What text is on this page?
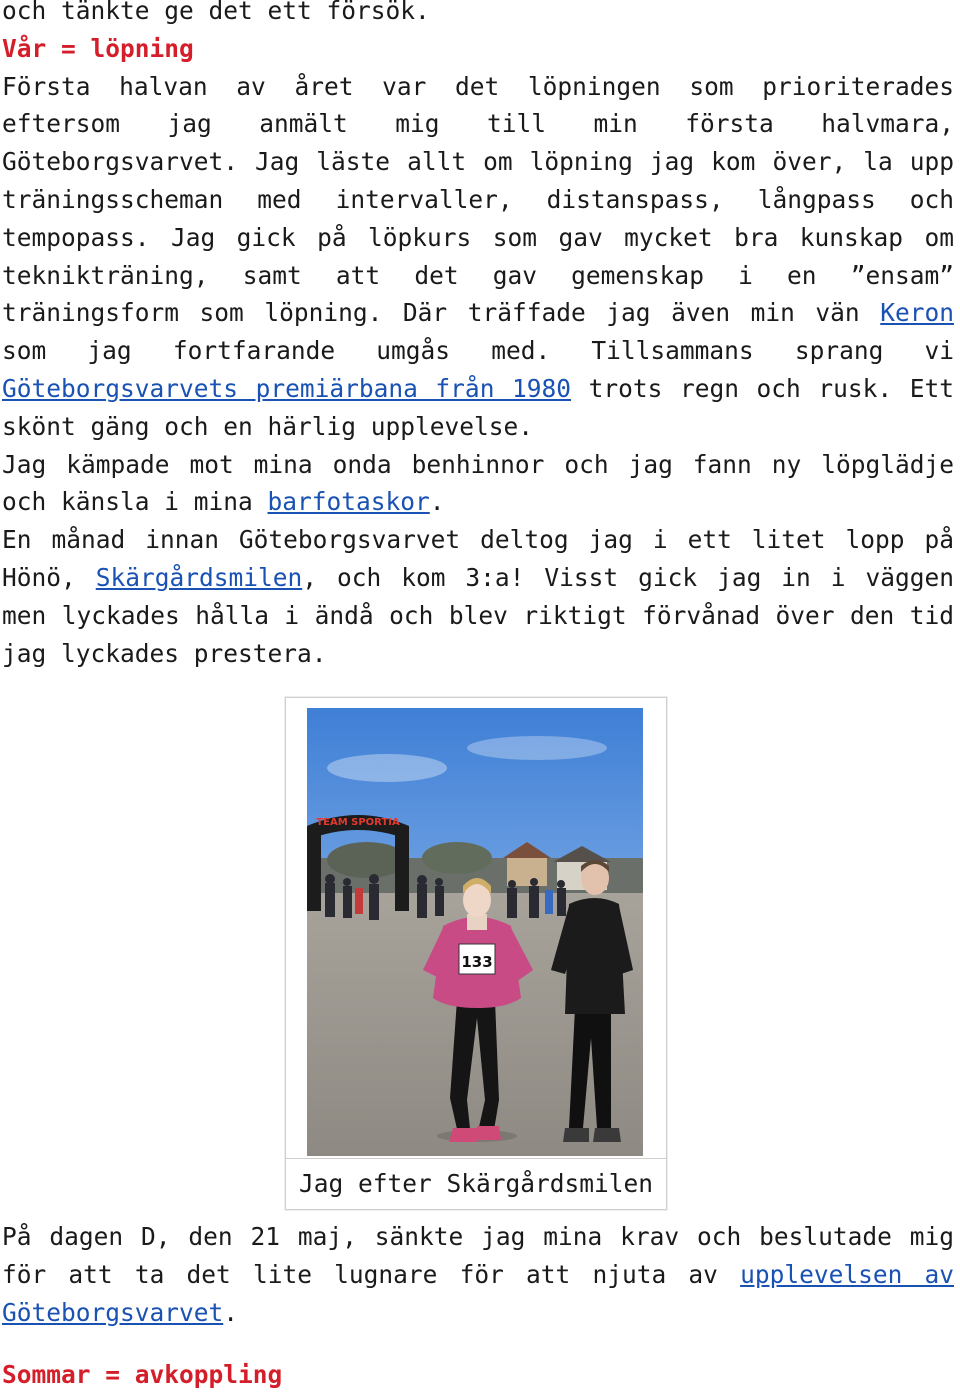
och tänkte ge det ett försök.

Vår = löpning

Första halvan av året var det löpningen som prioriterades eftersom jag anmält mig till min första halvmara, Göteborgsvarvet. Jag läste allt om löpning jag kom över, la upp träningsscheman med intervaller, distanspass, långpass och tempopass. Jag gick på löpkurs som gav mycket bra kunskap om teknikträning, samt att det gav gemenskap i en ”ensam” träningsform som löpning. Där träffade jag även min vän Keron som jag fortfarande umgås med. Tillsammans sprang vi Göteborgsvarvets premiärbana från 1980 trots regn och rusk. Ett skönt gäng och en härlig upplevelse.

Jag kämpade mot mina onda benhinnor och jag fann ny löpglädje och känsla i mina barfotaskor.

En månad innan Göteborgsvarvet deltog jag i ett litet lopp på Hönö, Skärgårdsmilen, och kom 3:a! Visst gick jag in i väggen men lyckades hålla i ändå och blev riktigt förvånad över den tid jag lyckades prestera.

TEAM SPORTIA
133
Jag efter Skärgårdsmilen

På dagen D, den 21 maj, sänkte jag mina krav och beslutade mig för att ta det lite lugnare för att njuta av upplevelsen av Göteborgsvarvet.

Sommar = avkoppling
